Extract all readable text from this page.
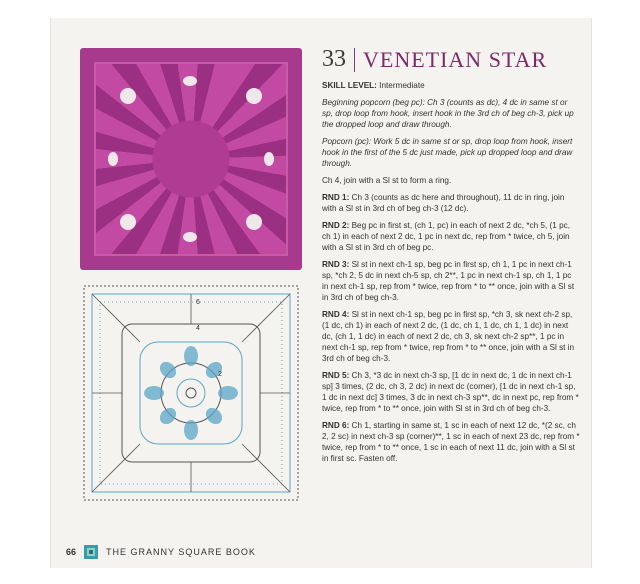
6
4
2
33 VENETIAN STAR

SKILL LEVEL: Intermediate

Beginning popcorn (beg pc): Ch 3 (counts as dc), 4 dc in same st or sp, drop loop from hook, insert hook in the 3rd ch of beg ch-3, pick up the dropped loop and draw through.

Popcorn (pc): Work 5 dc in same st or sp, drop loop from hook, insert hook in the first of the 5 dc just made, pick up dropped loop and draw through.

Ch 4, join with a Sl st to form a ring.

RND 1: Ch 3 (counts as dc here and throughout), 11 dc in ring, join with a Sl st in 3rd ch of beg ch-3 (12 dc).

RND 2: Beg pc in first st, (ch 1, pc) in each of next 2 dc, *ch 5, (1 pc, ch 1) in each of next 2 dc, 1 pc in next dc, rep from * twice, ch 5, join with a Sl st in 3rd ch of beg pc.

RND 3: Sl st in next ch-1 sp, beg pc in first sp, ch 1, 1 pc in next ch-1 sp, *ch 2, 5 dc in next ch-5 sp, ch 2**, 1 pc in next ch-1 sp, ch 1, 1 pc in next ch-1 sp, rep from * twice, rep from * to ** once, join with a Sl st in 3rd ch of beg ch-3.

RND 4: Sl st in next ch-1 sp, beg pc in first sp, *ch 3, sk next ch-2 sp, (1 dc, ch 1) in each of next 2 dc, (1 dc, ch 1, 1 dc, ch 1, 1 dc) in next dc, (ch 1, 1 dc) in each of next 2 dc, ch 3, sk next ch-2 sp**, 1 pc in next ch-1 sp, rep from * twice, rep from * to ** once, join with a Sl st in 3rd ch of beg ch-3.

RND 5: Ch 3, *3 dc in next ch-3 sp, [1 dc in next dc, 1 dc in next ch-1 sp] 3 times, (2 dc, ch 3, 2 dc) in next dc (corner), [1 dc in next ch-1 sp, 1 dc in next dc] 3 times, 3 dc in next ch-3 sp**, dc in next pc, rep from * twice, rep from * to ** once, join with Sl st in 3rd ch of beg ch-3.

RND 6: Ch 1, starting in same st, 1 sc in each of next 12 dc, *(2 sc, ch 2, 2 sc) in next ch-3 sp (corner)**, 1 sc in each of next 23 dc, rep from * twice, rep from * to ** once, 1 sc in each of next 11 dc, join with a Sl st in first sc. Fasten off.

66	THE GRANNY SQUARE BOOK
